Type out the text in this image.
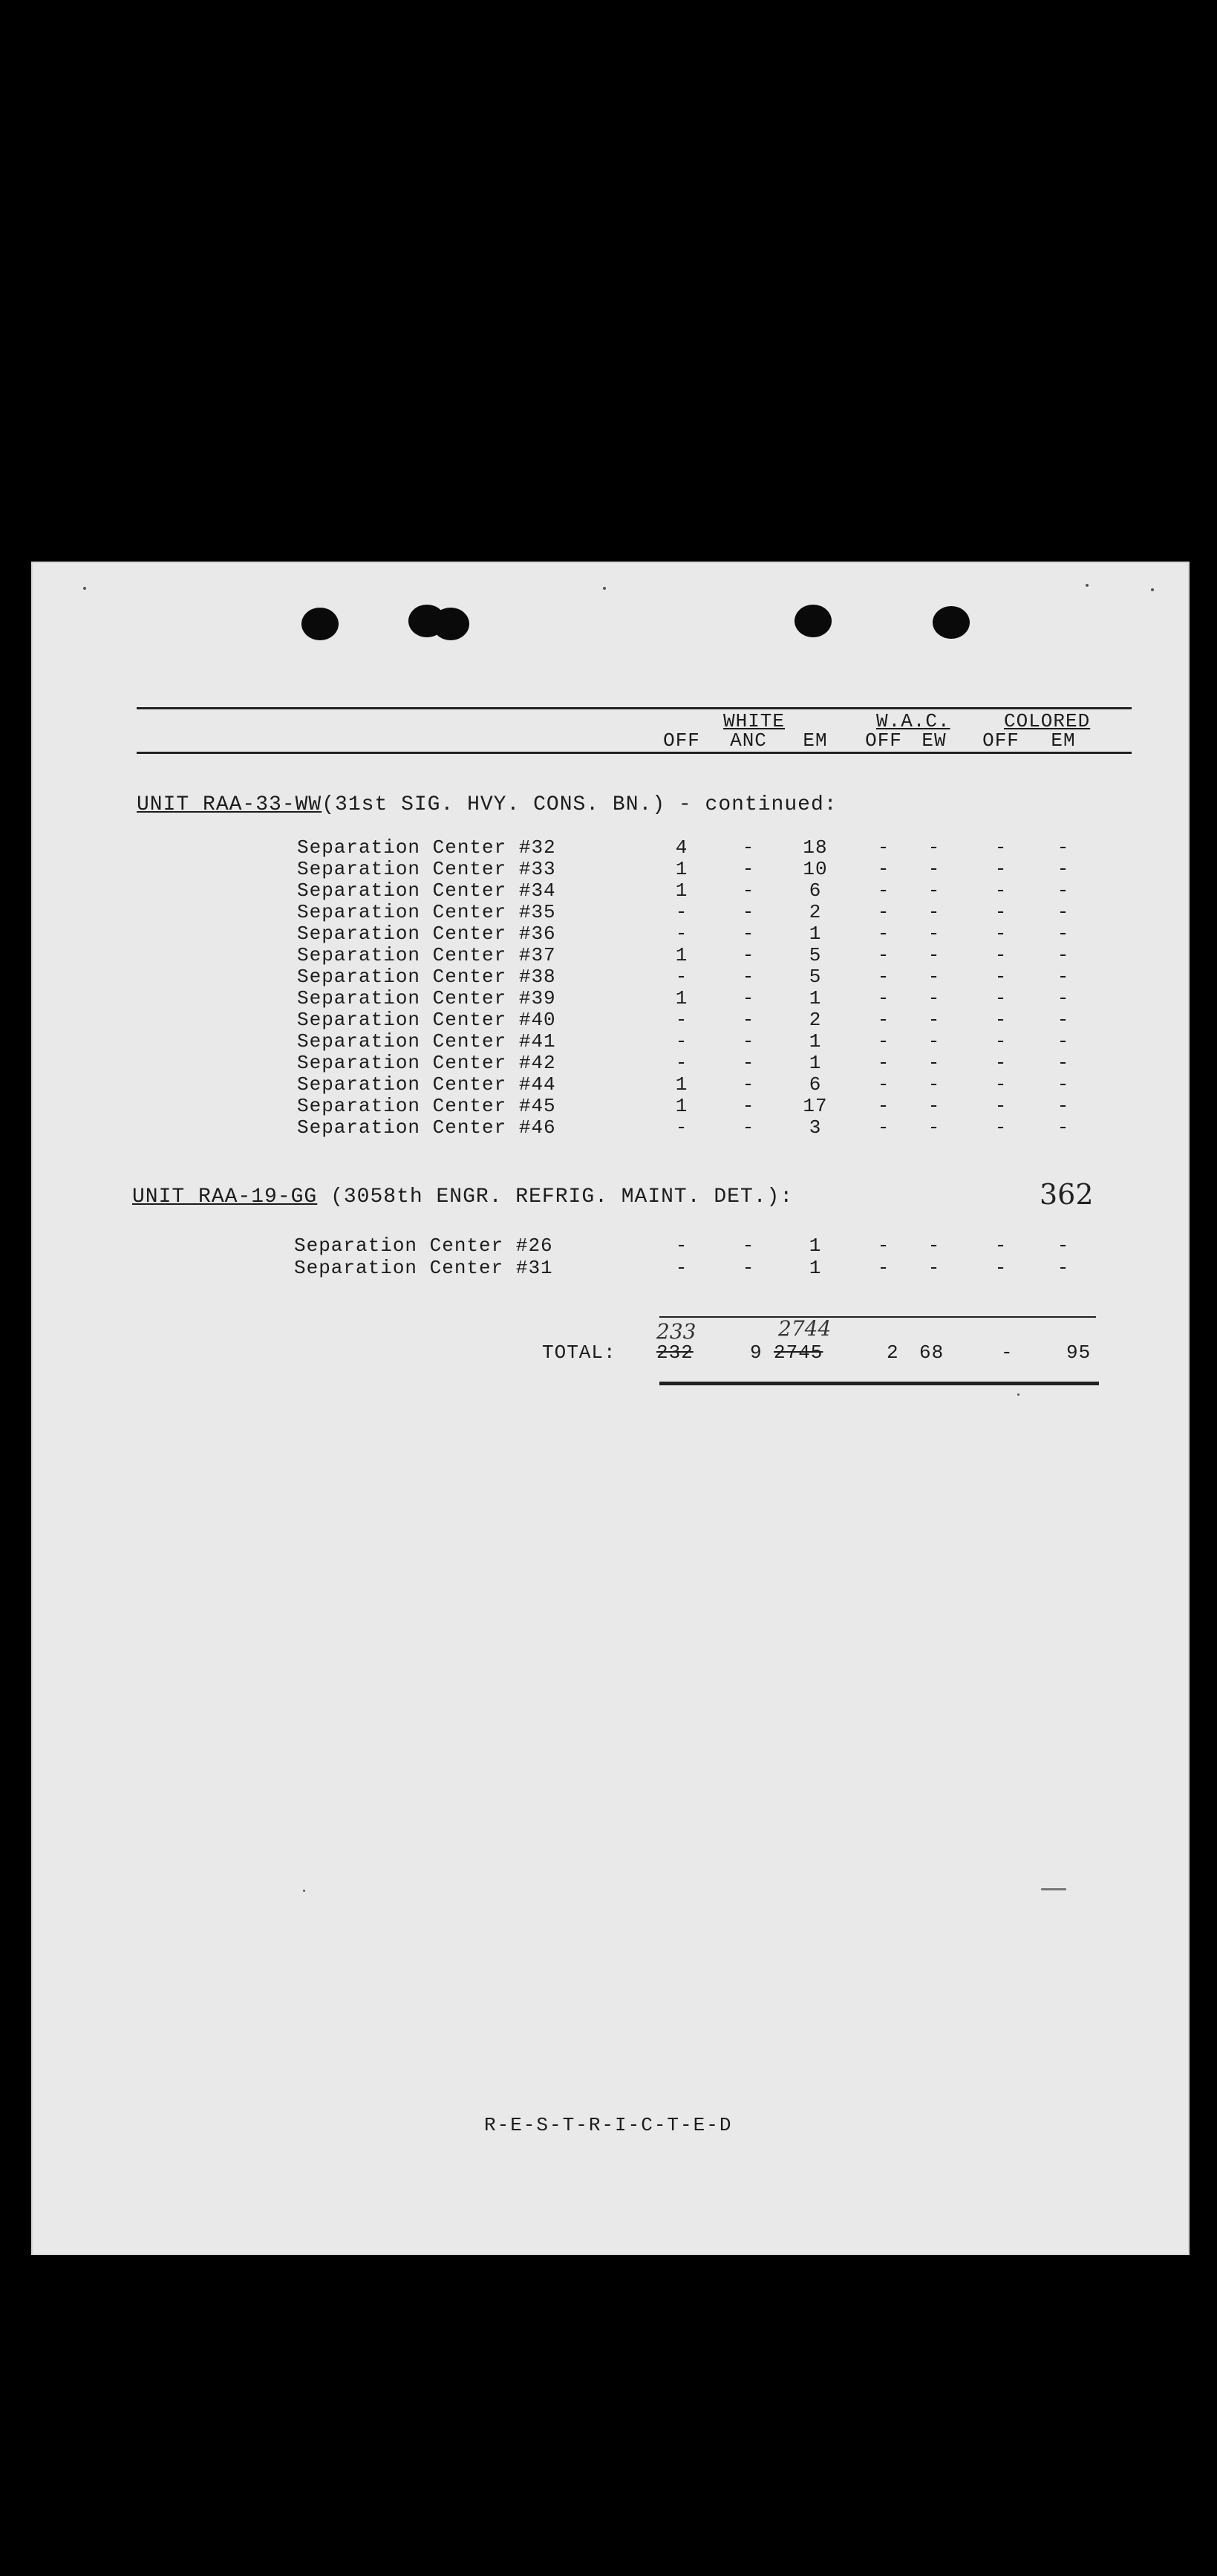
WHITE	W.A.C.	COLORED
OFF ANC EM OFF EW OFF EM
UNIT RAA-33-WW(31st SIG. HVY. CONS. BN.) - continued:
Separation Center #32	4	-	18	- -	-	-
Separation Center #33	1	-	10	- -	-	-
Separation Center #34	1	-	6	- -	-	-
Separation Center #35	-	-	2	- -	-	-
Separation Center #36	-	-	1	- -	-	-
Separation Center #37	1	-	5	- -	-	-
Separation Center #38	-	-	5	- -	-	-
Separation Center #39	1	-	1	- -	-	-
Separation Center #40	-	-	2	- -	-	-
Separation Center #41	-	-	1	- -	-	-
Separation Center #42	-	-	1	- -	-	-
Separation Center #44	1	-	6	- -	-	-
Separation Center #45	1	-	17	- -	-	-
Separation Center #46	-	-	3	- -	-	-
UNIT RAA-19-GG (3058th ENGR. REFRIG. MAINT. DET.):	362
Separation Center #26	-	-	1	- -	-	-
Separation Center #31	-	-	1	- -	-	-
233	2744
TOTAL: 232	9 2745	2 68	-	95
R-E-S-T-R-I-C-T-E-D
